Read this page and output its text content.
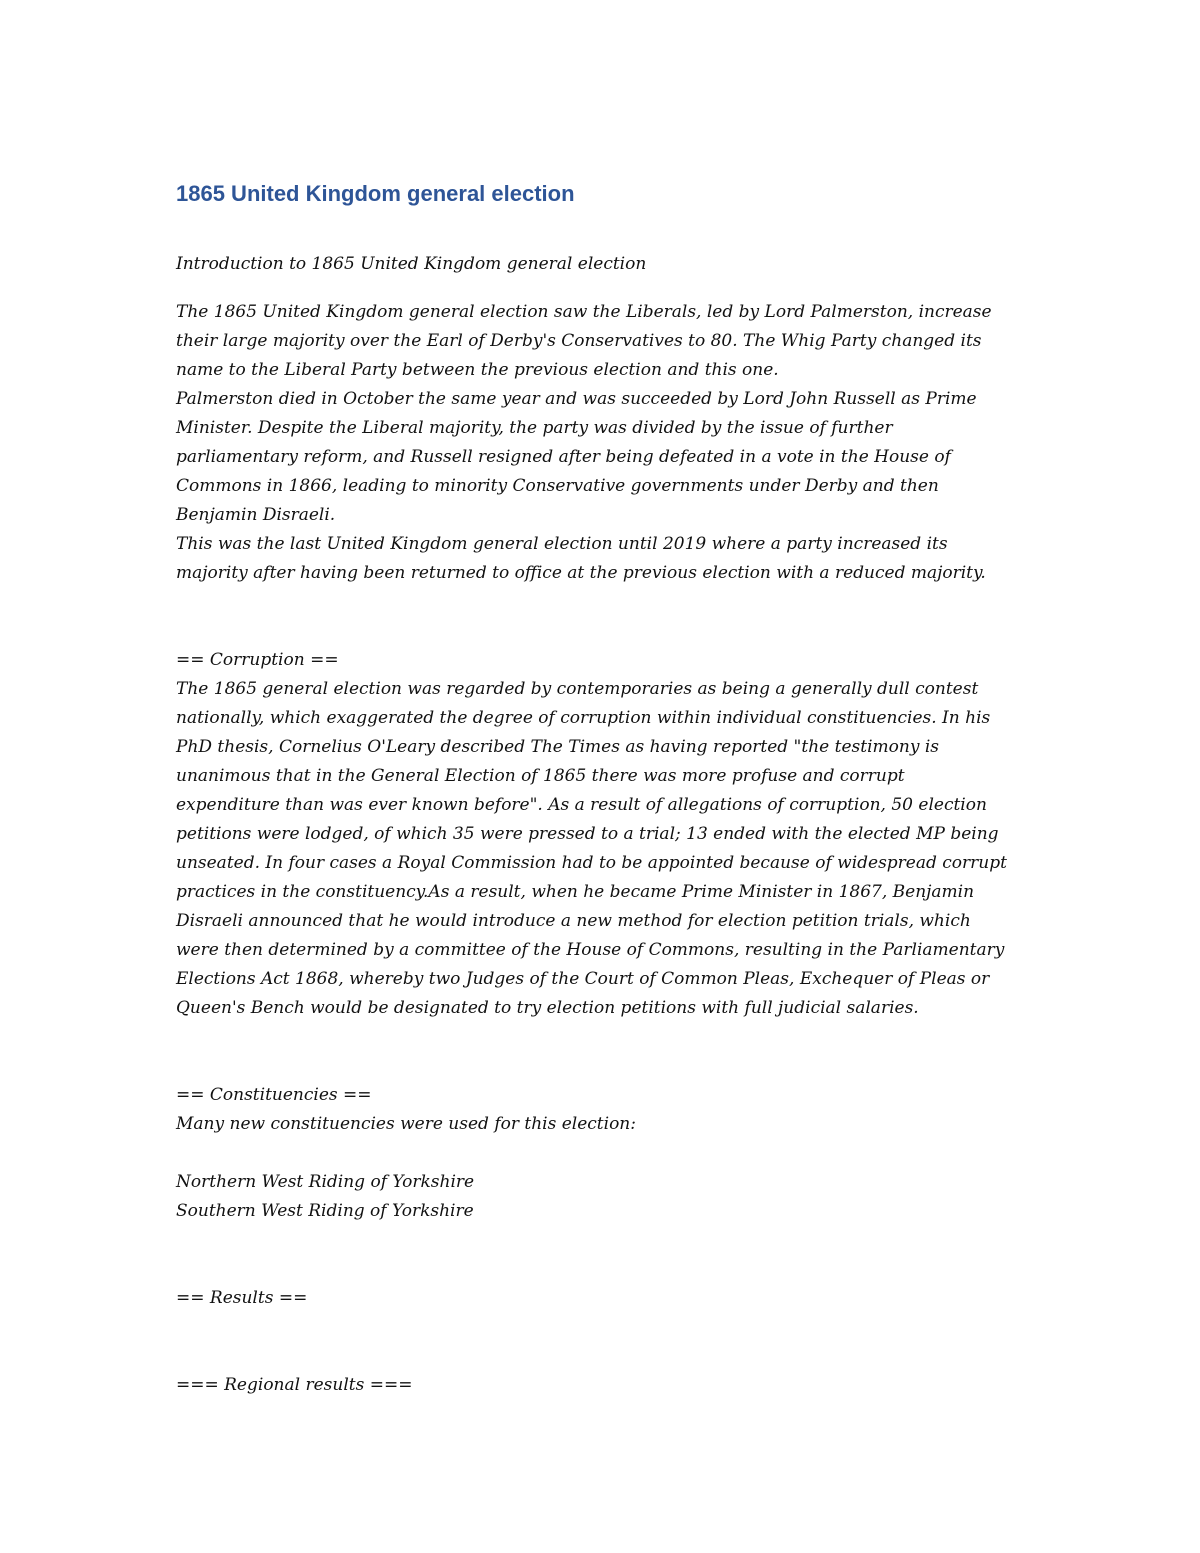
1865 United Kingdom general election
Introduction to 1865 United Kingdom general election
The 1865 United Kingdom general election saw the Liberals, led by Lord Palmerston, increase
their large majority over the Earl of Derby's Conservatives to 80. The Whig Party changed its
name to the Liberal Party between the previous election and this one.
Palmerston died in October the same year and was succeeded by Lord John Russell as Prime
Minister. Despite the Liberal majority, the party was divided by the issue of further
parliamentary reform, and Russell resigned after being defeated in a vote in the House of
Commons in 1866, leading to minority Conservative governments under Derby and then
Benjamin Disraeli.
This was the last United Kingdom general election until 2019 where a party increased its
majority after having been returned to office at the previous election with a reduced majority.
== Corruption ==
The 1865 general election was regarded by contemporaries as being a generally dull contest
nationally, which exaggerated the degree of corruption within individual constituencies. In his
PhD thesis, Cornelius O'Leary described The Times as having reported "the testimony is
unanimous that in the General Election of 1865 there was more profuse and corrupt
expenditure than was ever known before". As a result of allegations of corruption, 50 election
petitions were lodged, of which 35 were pressed to a trial; 13 ended with the elected MP being
unseated. In four cases a Royal Commission had to be appointed because of widespread corrupt
practices in the constituency.As a result, when he became Prime Minister in 1867, Benjamin
Disraeli announced that he would introduce a new method for election petition trials, which
were then determined by a committee of the House of Commons, resulting in the Parliamentary
Elections Act 1868, whereby two Judges of the Court of Common Pleas, Exchequer of Pleas or
Queen's Bench would be designated to try election petitions with full judicial salaries.
== Constituencies ==
Many new constituencies were used for this election:
Northern West Riding of Yorkshire
Southern West Riding of Yorkshire
== Results ==
=== Regional results ===
